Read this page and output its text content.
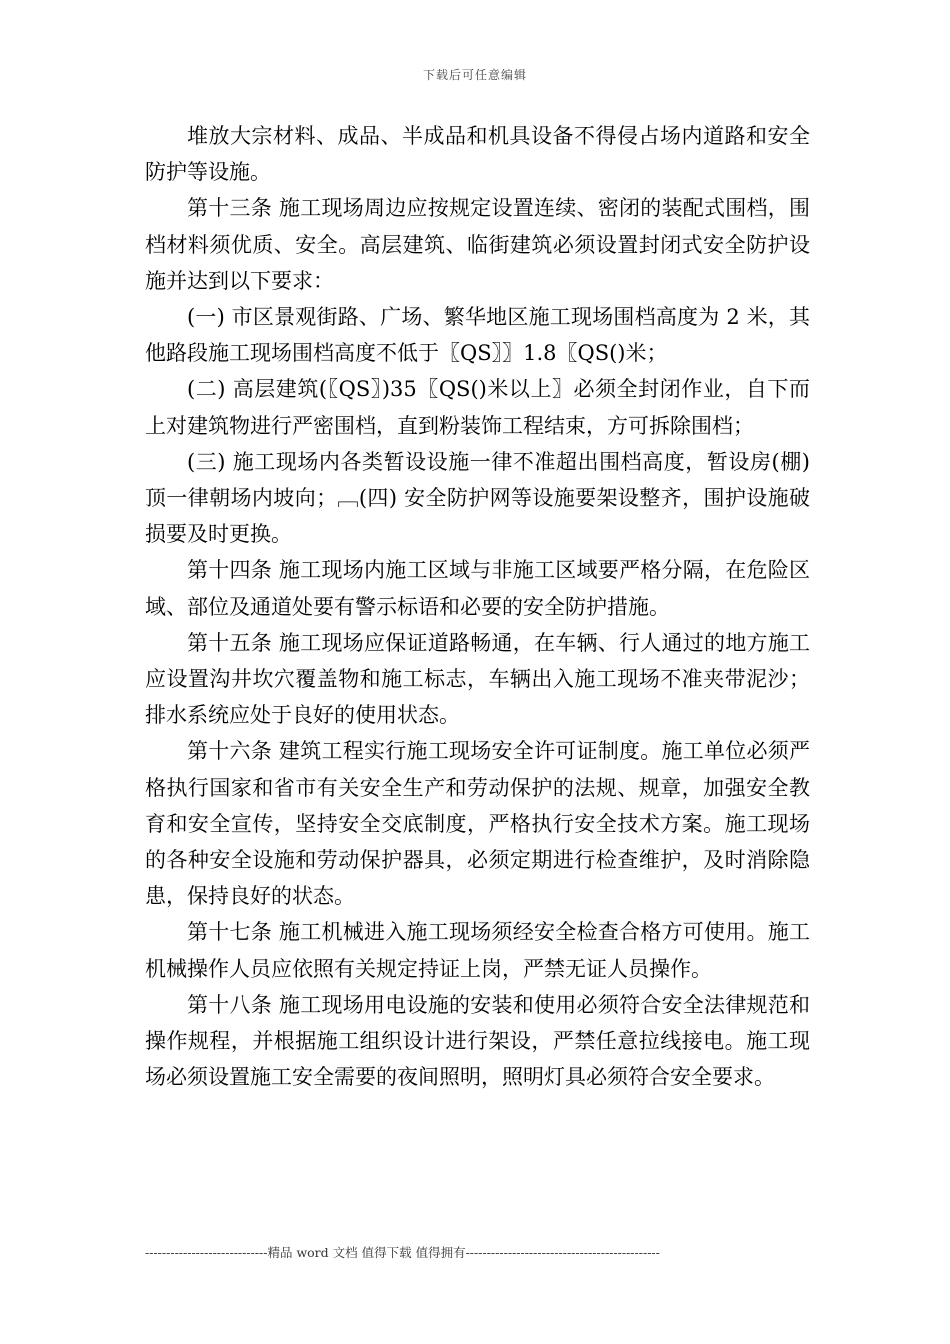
下载后可任意编辑

堆放大宗材料、成品、半成品和机具设备不得侵占场内道路和安全防护等设施。

第十三条 施工现场周边应按规定设置连续、密闭的装配式围档，围档材料须优质、安全。高层建筑、临街建筑必须设置封闭式安全防护设施并达到以下要求：

(一) 市区景观街路、广场、繁华地区施工现场围档高度为 2 米，其他路段施工现场围档高度不低于〖QS〗〗1.8〖QS()米；

(二) 高层建筑(〖QS〗)35〖QS()米以上〗必须全封闭作业，自下而上对建筑物进行严密围档，直到粉装饰工程结束，方可拆除围档；

(三) 施工现场内各类暂设设施一律不准超出围档高度，暂设房(棚)顶一律朝场内坡向；﹇(四) 安全防护网等设施要架设整齐，围护设施破损要及时更换。

第十四条 施工现场内施工区域与非施工区域要严格分隔，在危险区域、部位及通道处要有警示标语和必要的安全防护措施。

第十五条 施工现场应保证道路畅通，在车辆、行人通过的地方施工应设置沟井坎穴覆盖物和施工标志，车辆出入施工现场不准夹带泥沙；排水系统应处于良好的使用状态。

第十六条 建筑工程实行施工现场安全许可证制度。施工单位必须严格执行国家和省市有关安全生产和劳动保护的法规、规章，加强安全教育和安全宣传，坚持安全交底制度，严格执行安全技术方案。施工现场的各种安全设施和劳动保护器具，必须定期进行检查维护，及时消除隐患，保持良好的状态。

第十七条 施工机械进入施工现场须经安全检查合格方可使用。施工机械操作人员应依照有关规定持证上岗，严禁无证人员操作。

第十八条 施工现场用电设施的安装和使用必须符合安全法律规范和操作规程，并根据施工组织设计进行架设，严禁任意拉线接电。施工现场必须设置施工安全需要的夜间照明，照明灯具必须符合安全要求。

-----------------------------精品 word 文档 值得下载 值得拥有----------------------------------------------
